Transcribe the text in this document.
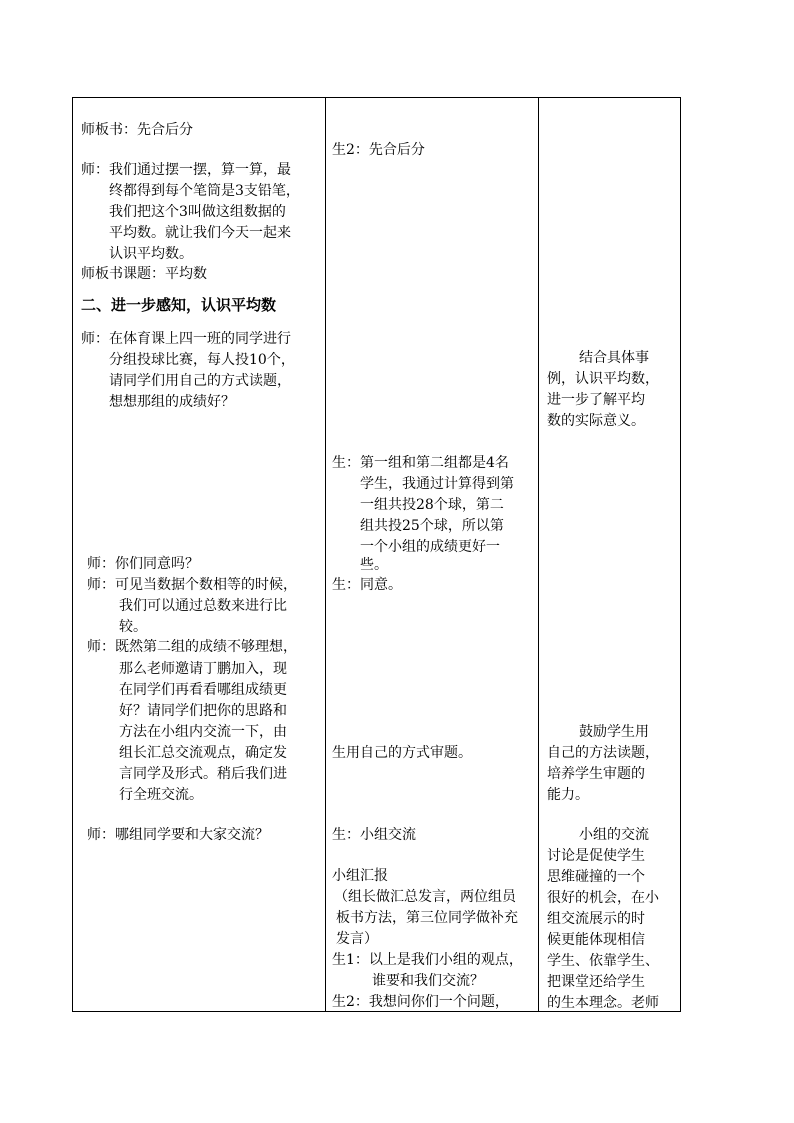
师板书：先合后分
师：我们通过摆一摆，算一算，最
终都得到每个笔筒是3支铅笔，
我们把这个3叫做这组数据的
平均数。就让我们今天一起来
认识平均数。
师板书课题：平均数
二、进一步感知，认识平均数
师：在体育课上四一班的同学进行
分组投球比赛，每人投10个，
请同学们用自己的方式读题，
想想那组的成绩好？
师：你们同意吗？
师：可见当数据个数相等的时候，
我们可以通过总数来进行比
较。
师：既然第二组的成绩不够理想，
那么老师邀请丁鹏加入，现
在同学们再看看哪组成绩更
好？请同学们把你的思路和
方法在小组内交流一下，由
组长汇总交流观点，确定发
言同学及形式。稍后我们进
行全班交流。
师：哪组同学要和大家交流？
生2：先合后分
生：第一组和第二组都是4名
学生，我通过计算得到第
一组共投28个球，第二
组共投25个球，所以第
一个小组的成绩更好一
些。
生：同意。
生用自己的方式审题。
生：小组交流
小组汇报
（组长做汇总发言，两位组员
板书方法，第三位同学做补充
发言）
生1：以上是我们小组的观点，
谁要和我们交流？
生2：我想问你们一个问题，
结合具体事
例，认识平均数，
进一步了解平均
数的实际意义。
鼓励学生用
自己的方法读题，
培养学生审题的
能力。
小组的交流
讨论是促使学生
思维碰撞的一个
很好的机会，在小
组交流展示的时
候更能体现相信
学生、依靠学生、
把课堂还给学生
的生本理念。老师
